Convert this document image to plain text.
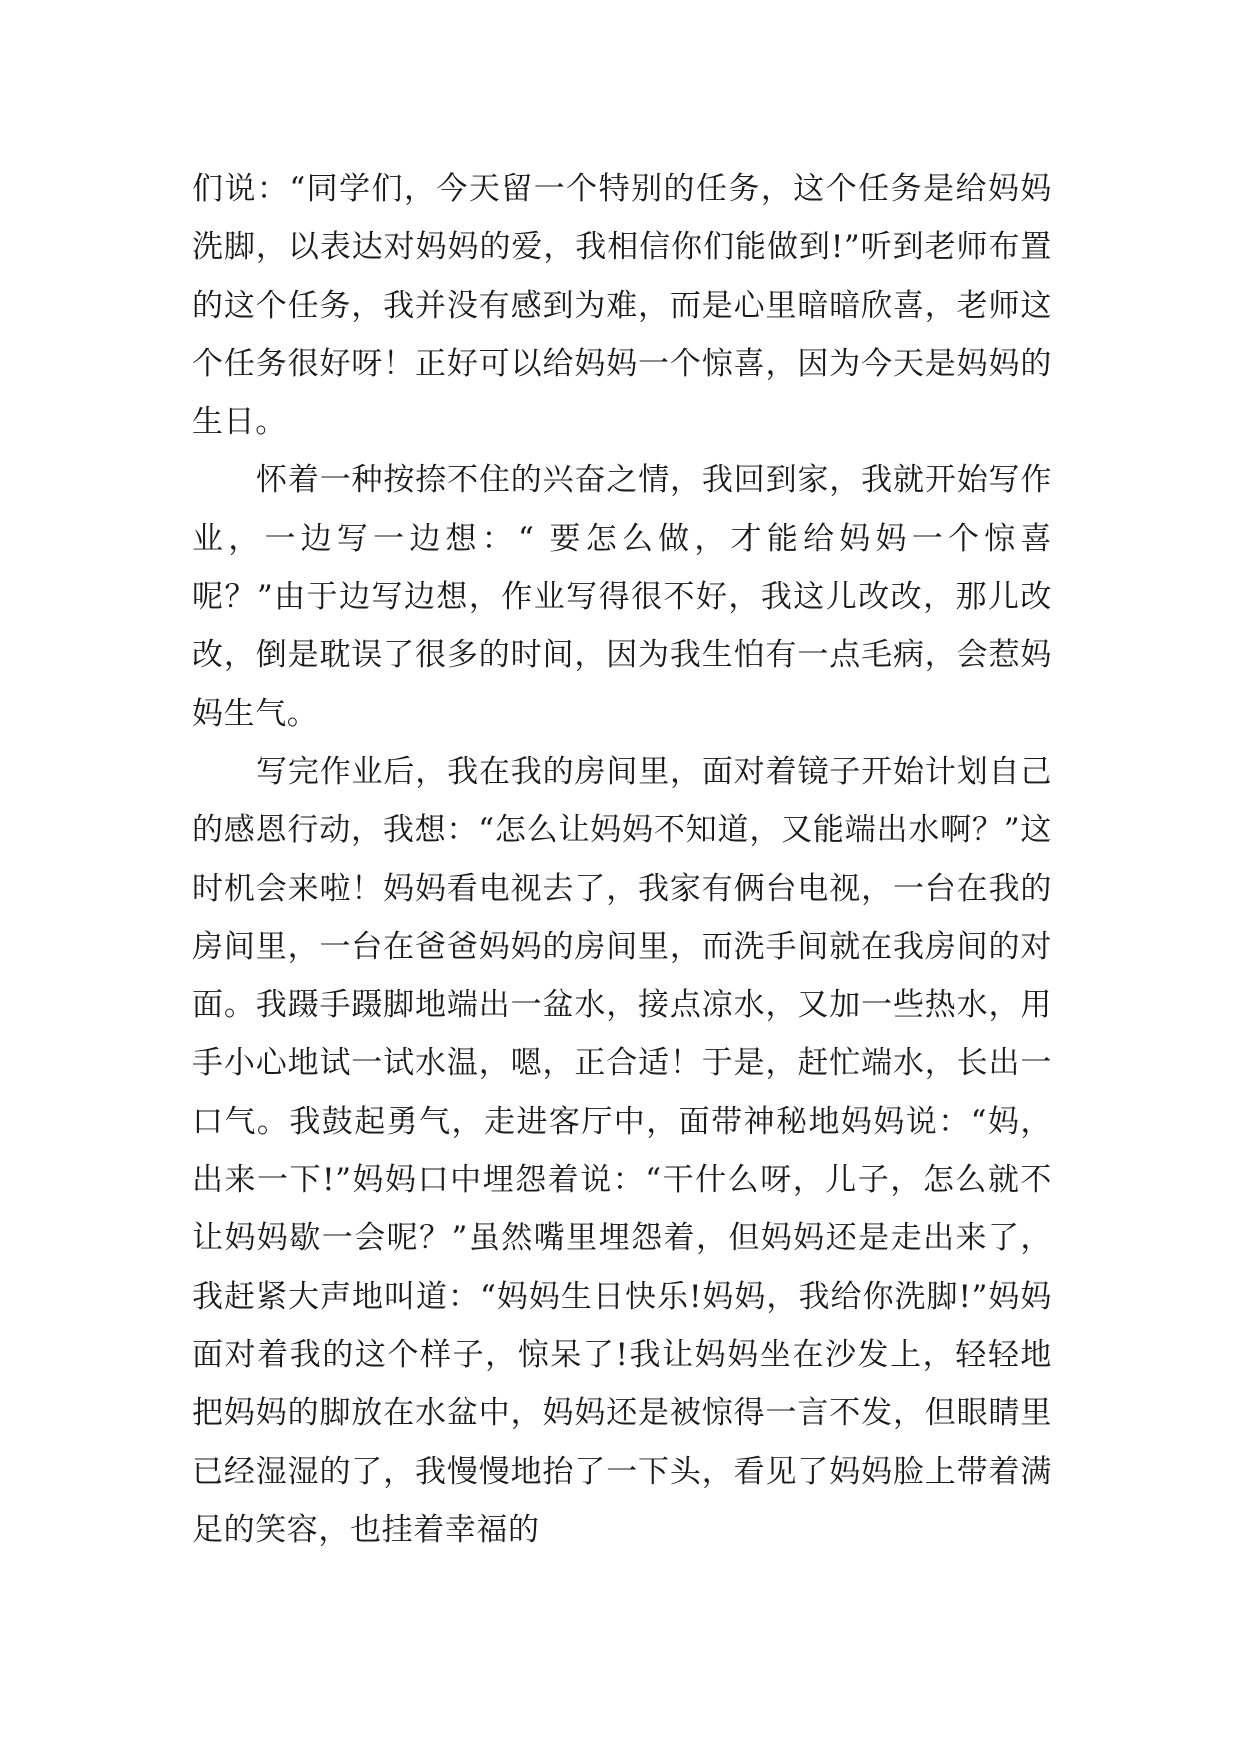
们说：“同学们，今天留一个特别的任务，这个任务是给妈妈洗脚，以表达对妈妈的爱，我相信你们能做到!”听到老师布置的这个任务，我并没有感到为难，而是心里暗暗欣喜，老师这个任务很好呀！正好可以给妈妈一个惊喜，因为今天是妈妈的生日。

怀着一种按捺不住的兴奋之情，我回到家，我就开始写作业，一边写一边想：“ 要怎么做，才能给妈妈一个惊喜呢？”由于边写边想，作业写得很不好，我这儿改改，那儿改改，倒是耽误了很多的时间，因为我生怕有一点毛病，会惹妈妈生气。

写完作业后，我在我的房间里，面对着镜子开始计划自己的感恩行动，我想：“怎么让妈妈不知道，又能端出水啊？”这时机会来啦！妈妈看电视去了，我家有俩台电视，一台在我的房间里，一台在爸爸妈妈的房间里，而洗手间就在我房间的对面。我蹑手蹑脚地端出一盆水，接点凉水，又加一些热水，用手小心地试一试水温，嗯，正合适！于是，赶忙端水，长出一口气。我鼓起勇气，走进客厅中，面带神秘地妈妈说：“妈，出来一下!”妈妈口中埋怨着说：“干什么呀，儿子，怎么就不让妈妈歇一会呢？”虽然嘴里埋怨着，但妈妈还是走出来了，我赶紧大声地叫道：“妈妈生日快乐!妈妈，我给你洗脚!”妈妈面对着我的这个样子，惊呆了!我让妈妈坐在沙发上，轻轻地把妈妈的脚放在水盆中，妈妈还是被惊得一言不发，但眼睛里已经湿湿的了，我慢慢地抬了一下头，看见了妈妈脸上带着满足的笑容，也挂着幸福的
